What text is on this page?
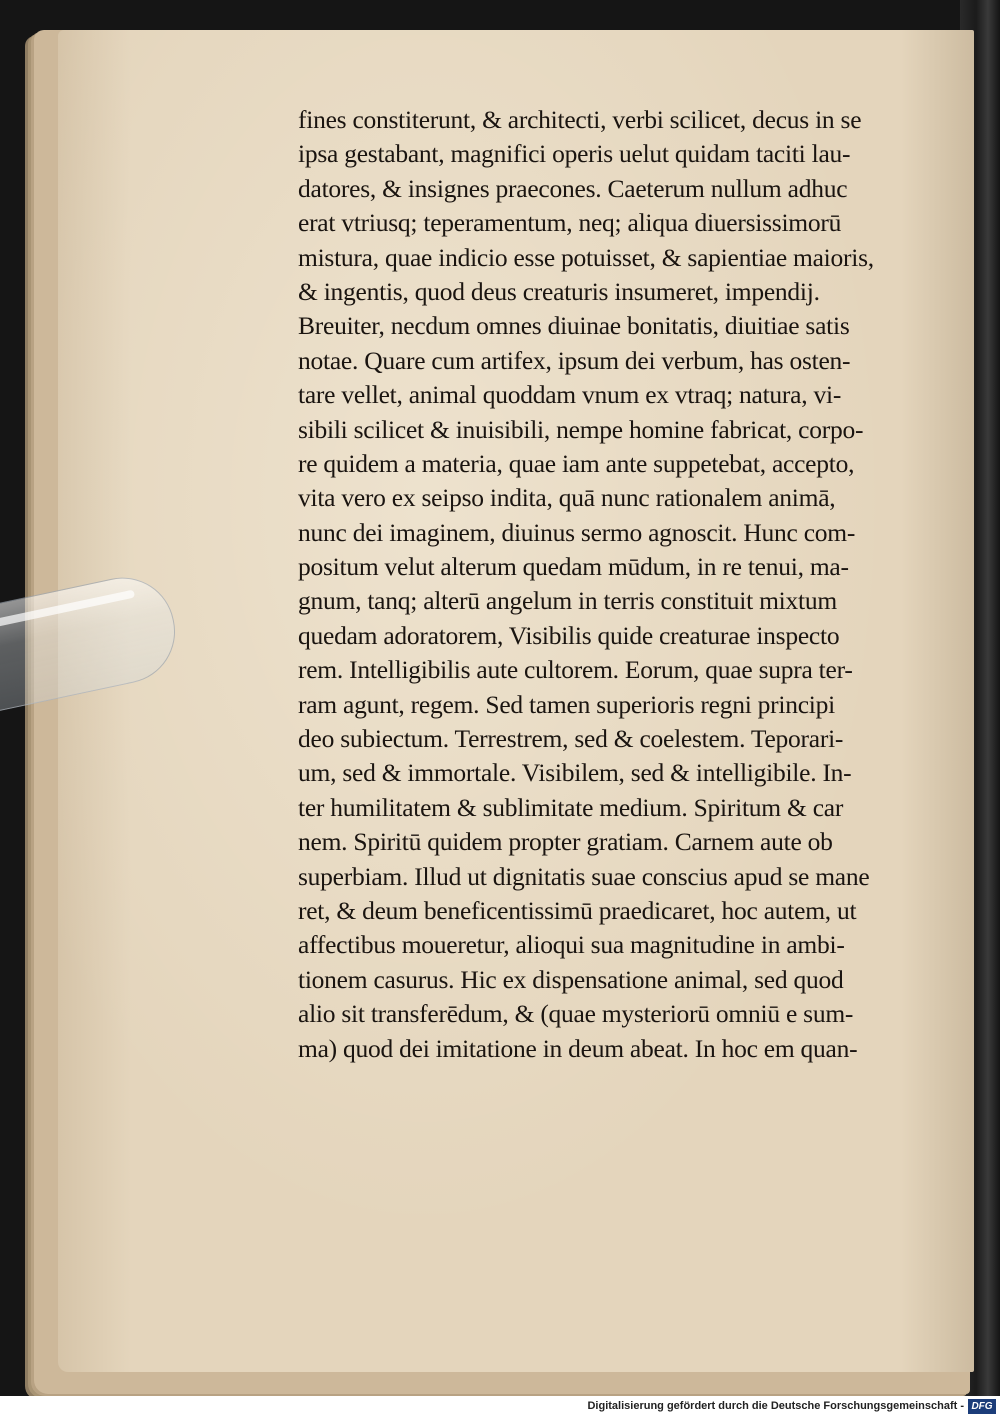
fines constiterunt, & architecti, verbi scilicet, decus in se
ipsa gestabant, magnifici operis uelut quidam taciti lau-
datores, & insignes praecones. Caeterum nullum adhuc
erat vtriusq; teperamentum, neq; aliqua diuersissimorū
mistura, quae indicio esse potuisset, & sapientiae maioris,
& ingentis, quod deus creaturis insumeret, impendij.
Breuiter, necdum omnes diuinae bonitatis, diuitiae satis
notae. Quare cum artifex, ipsum dei verbum, has osten-
tare vellet, animal quoddam vnum ex vtraq; natura, vi-
sibili scilicet & inuisibili, nempe homine fabricat, corpo-
re quidem a materia, quae iam ante suppetebat, accepto,
vita vero ex seipso indita, quā nunc rationalem animā,
nunc dei imaginem, diuinus sermo agnoscit. Hunc com-
positum velut alterum quedam mūdum, in re tenui, ma-
gnum, tanq; alterū angelum in terris constituit mixtum
quedam adoratorem, Visibilis quide creaturae inspecto
rem. Intelligibilis aute cultorem. Eorum, quae supra ter-
ram agunt, regem. Sed tamen superioris regni principi
deo subiectum. Terrestrem, sed & coelestem. Teporari-
um, sed & immortale. Visibilem, sed & intelligibile. In-
ter humilitatem & sublimitate medium. Spiritum & car
nem. Spiritū quidem propter gratiam. Carnem aute ob
superbiam. Illud ut dignitatis suae conscius apud se mane
ret, & deum beneficentissimū praedicaret, hoc autem, ut
affectibus moueretur, alioqui sua magnitudine in ambi-
tionem casurus. Hic ex dispensatione animal, sed quod
alio sit transferēdum, & (quae mysteriorū omniū e sum-
ma) quod dei imitatione in deum abeat. In hoc em quan-
Digitalisierung gefördert durch die Deutsche Forschungsgemeinschaft - DFG
